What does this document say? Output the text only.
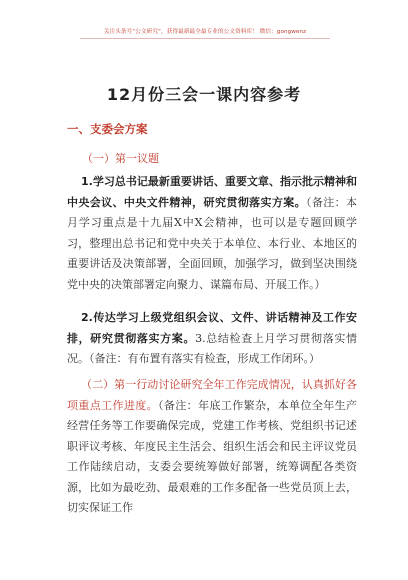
关注头条号“公文研究”，获得最新最全最专业的公文资料库！ 微信：gongwenz
12月份三会一课内容参考
一、支委会方案
（一）第一议题
1.学习总书记最新重要讲话、重要文章、指示批示精神和中央会议、中央文件精神，研究贯彻落实方案。（备注：本月学习重点是十九届X中X会精神，也可以是专题回顾学习，整理出总书记和党中央关于本单位、本行业、本地区的重要讲话及决策部署，全面回顾，加强学习，做到坚决围绕党中央的决策部署定向聚力、谋篇布局、开展工作。）
2.传达学习上级党组织会议、文件、讲话精神及工作安排，研究贯彻落实方案。3.总结检查上月学习贯彻落实情况。（备注：有布置有落实有检查，形成工作闭环。）
（二）第一行动讨论研究全年工作完成情况，认真抓好各项重点工作进度。（备注：年底工作繁杂，本单位全年生产经营任务等工作要确保完成，党建工作考核、党组织书记述职评议考核、年度民主生活会、组织生活会和民主评议党员工作陆续启动，支委会要统筹做好部署，统筹调配各类资源，比如为最吃劲、最艰难的工作多配备一些党员顶上去，切实保证工作
